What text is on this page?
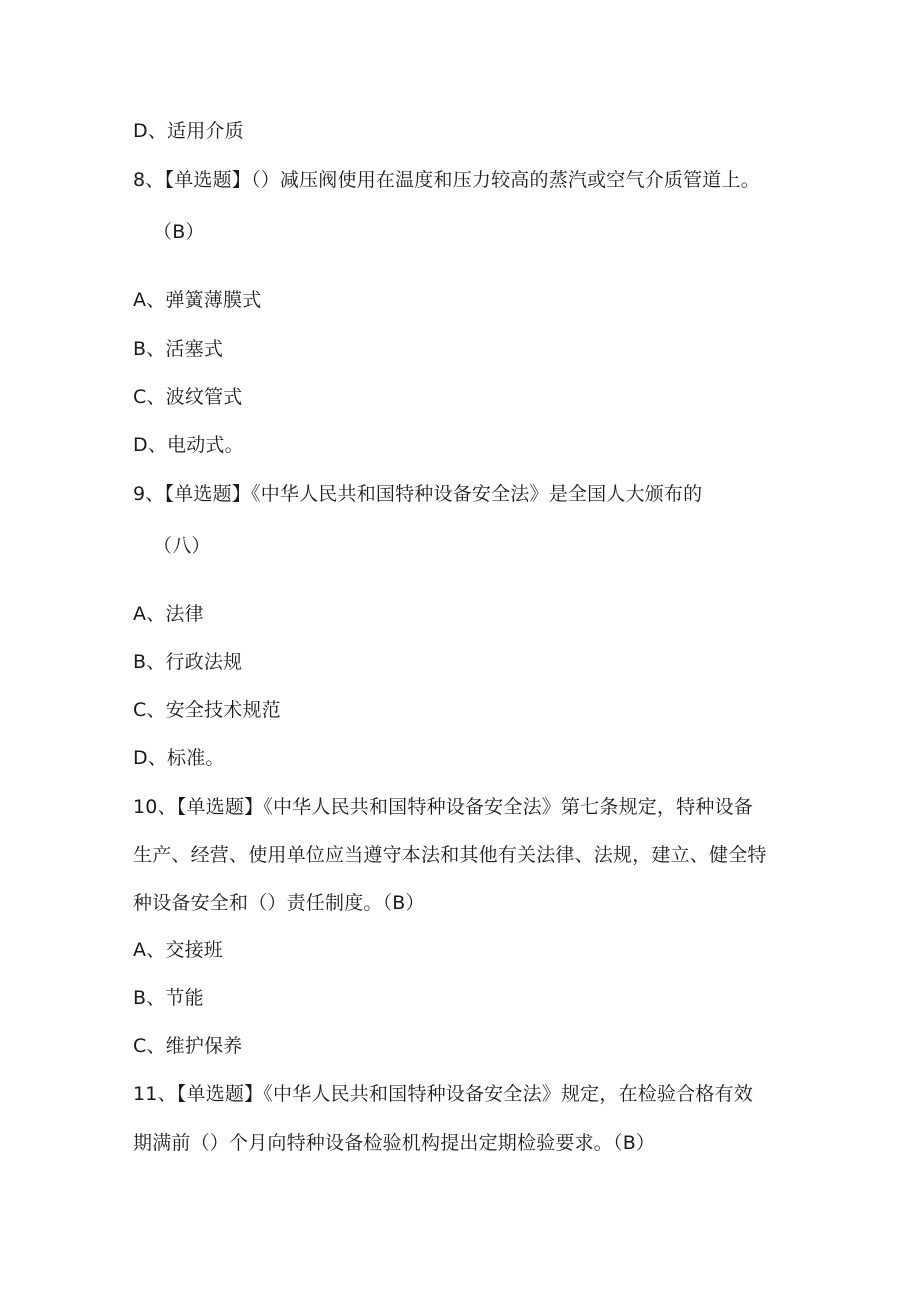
D、适用介质
8、【单选题】（）减压阀使用在温度和压力较高的蒸汽或空气介质管道上。
（B）
A、弹簧薄膜式
B、活塞式
C、波纹管式
D、电动式。
9、【单选题】《中华人民共和国特种设备安全法》是全国人大颁布的
（八）
A、法律
B、行政法规
C、安全技术规范
D、标准。
10、【单选题】《中华人民共和国特种设备安全法》第七条规定，特种设备
生产、经营、使用单位应当遵守本法和其他有关法律、法规，建立、健全特
种设备安全和（）责任制度。（B）
A、交接班
B、节能
C、维护保养
11、【单选题】《中华人民共和国特种设备安全法》规定，在检验合格有效
期满前（）个月向特种设备检验机构提出定期检验要求。（B）
